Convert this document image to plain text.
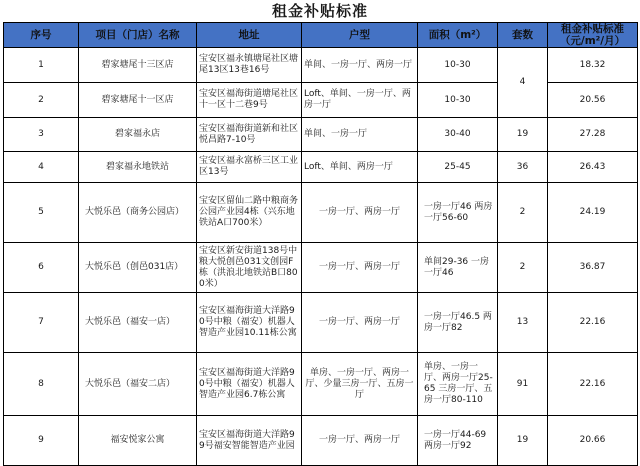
租金补贴标准
序号	项目（门店）名称	地址	户型	面积（m²）	套数	租金补贴标准（元/m²/月）
1	碧家塘尾十三区店	宝安区福永镇塘尾社区塘尾13区13巷16号	单间、一房一厅、两房一厅	10-30	4	18.32
2	碧家塘尾十一区店	宝安区福海街道塘尾社区十一区十二巷9号	Loft、单间、一房一厅、两房一厅	10-30		20.56
3	碧家福永店	宝安区福海街道新和社区悦昌路7-10号	单间、一房一厅	30-40	19	27.28
4	碧家福永地铁站	宝安区福永富桥三区工业区13号	Loft、单间、两房一厅	25-45	36	26.43
5	大悦乐邑（商务公园店）	宝安区留仙二路中粮商务公园产业园4栋（兴东地铁站A口700米）	一房一厅、两房一厅	一房一厅46 两房一厅56-60	2	24.19
6	大悦乐邑（创邑031店）	宝安区新安街道138号中粮大悦创邑031文创园F栋（洪浪北地铁站B口800米）	一房一厅、两房一厅	单间29-36 一房一厅46	2	36.87
7	大悦乐邑（福安一店）	宝安区福海街道大洋路90号中粮（福安）机器人智造产业园10.11栋公寓	一房一厅、两房一厅	一房一厅46.5 两房一厅82	13	22.16
8	大悦乐邑（福安二店）	宝安区福海街道大洋路90号中粮（福安）机器人智造产业园6.7栋公寓	单房、一房一厅、两房一厅、少量三房一厅、五房一厅	单房、一房一厅、两房一厅25-65 三房一厅、五房一厅80-110	91	22.16
9	福安悦家公寓	宝安区福海街道大洋路99号福安智能智造产业园	一房一厅、两房一厅	一房一厅44-69 两房一厅92	19	20.66
